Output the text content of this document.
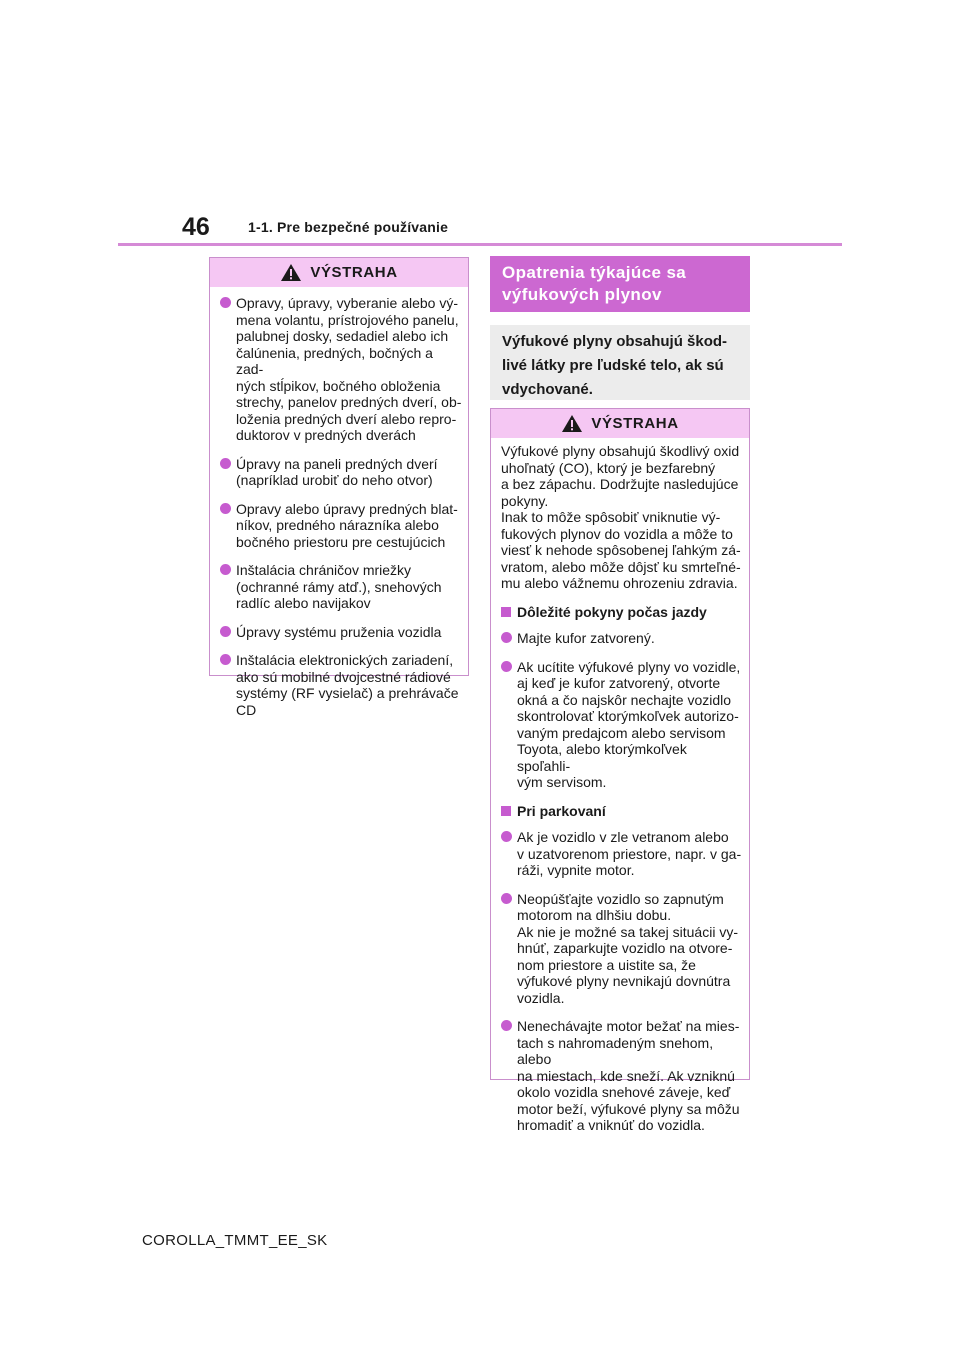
46	1-1. Pre bezpečné používanie
VÝSTRAHA
Opravy, úpravy, vyberanie alebo vý-
mena volantu, prístrojového panelu,
palubnej dosky, sedadiel alebo ich
čalúnenia, predných, bočných a zad-
ných stĺpikov, bočného obloženia
strechy, panelov predných dverí, ob-
loženia predných dverí alebo repro-
duktorov v predných dverách
Úpravy na paneli predných dverí
(napríklad urobiť do neho otvor)
Opravy alebo úpravy predných blat-
níkov, predného nárazníka alebo
bočného priestoru pre cestujúcich
Inštalácia chráničov mriežky
(ochranné rámy atď.), snehových
radlíc alebo navijakov
Úpravy systému pruženia vozidla
Inštalácia elektronických zariadení,
ako sú mobilné dvojcestné rádiové
systémy (RF vysielač) a prehrávače
CD
Opatrenia týkajúce sa
výfukových plynov
Výfukové plyny obsahujú škod-
livé látky pre ľudské telo, ak sú
vdychované.
VÝSTRAHA
Výfukové plyny obsahujú škodlivý oxid
uhoľnatý (CO), ktorý je bezfarebný
a bez zápachu. Dodržujte nasledujúce
pokyny.
Inak to môže spôsobiť vniknutie vý-
fukových plynov do vozidla a môže to
viesť k nehode spôsobenej ľahkým zá-
vratom, alebo môže dôjsť ku smrteľné-
mu alebo vážnemu ohrozeniu zdravia.
Dôležité pokyny počas jazdy
Majte kufor zatvorený.
Ak ucítite výfukové plyny vo vozidle,
aj keď je kufor zatvorený, otvorte
okná a čo najskôr nechajte vozidlo
skontrolovať ktorýmkoľvek autorizo-
vaným predajcom alebo servisom
Toyota, alebo ktorýmkoľvek spoľahli-
vým servisom.
Pri parkovaní
Ak je vozidlo v zle vetranom alebo
v uzatvorenom priestore, napr. v ga-
ráži, vypnite motor.
Neopúšťajte vozidlo so zapnutým
motorom na dlhšiu dobu.
Ak nie je možné sa takej situácii vy-
hnúť, zaparkujte vozidlo na otvore-
nom priestore a uistite sa, že
výfukové plyny nevnikajú dovnútra
vozidla.
Nenechávajte motor bežať na mies-
tach s nahromadeným snehom, alebo
na miestach, kde sneží. Ak vzniknú
okolo vozidla snehové záveje, keď
motor beží, výfukové plyny sa môžu
hromadiť a vniknúť do vozidla.
COROLLA_TMMT_EE_SK
